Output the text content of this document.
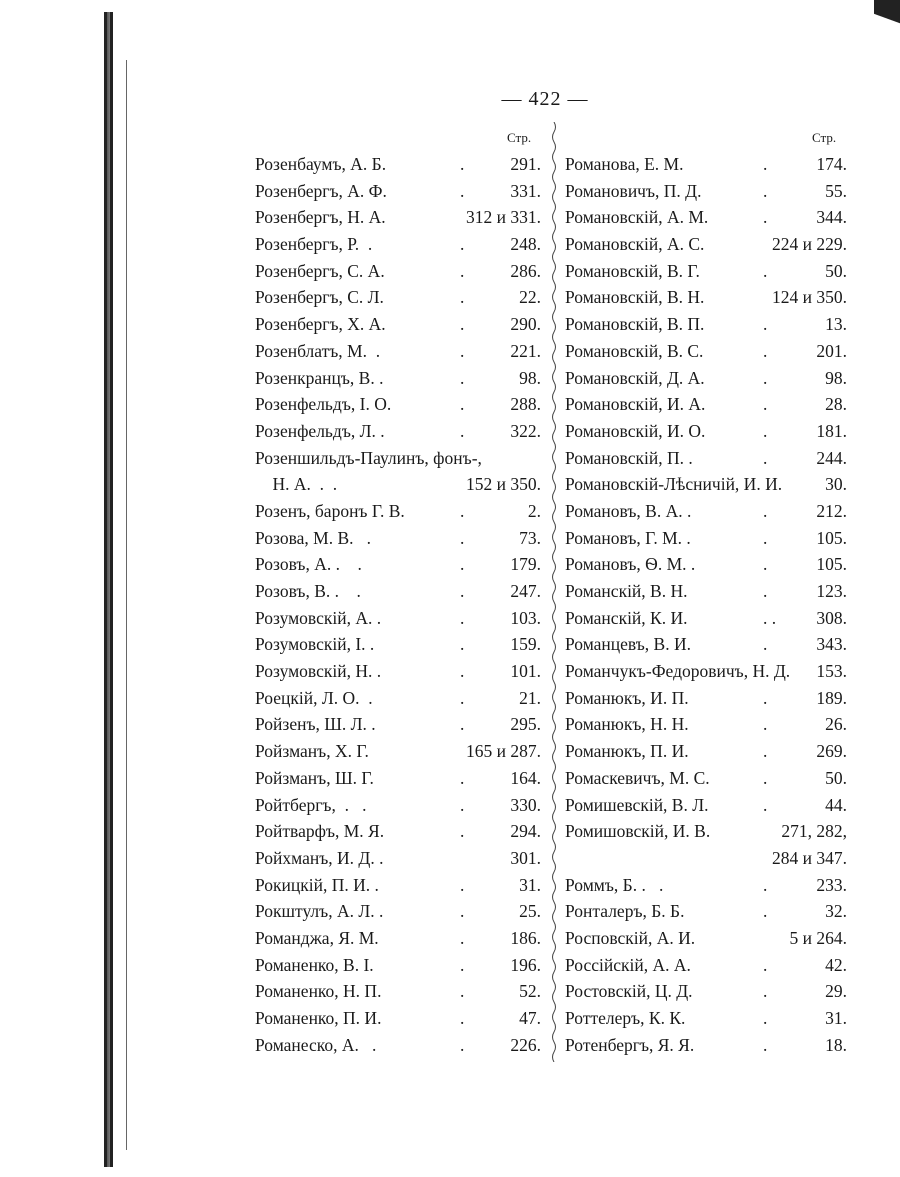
— 422 —
Стр.	Стр.
Розенбаумъ, А. Б.	.	291.
Розенбергъ, А. Ф.	.	331.
Розенбергъ, Н. А.	312 и 331.
Розенбергъ, Р.  .	.	248.
Розенбергъ, С. А.	.	286.
Розенбергъ, С. Л.	.	22.
Розенбергъ, Х. А.	.	290.
Розенблатъ, М.  .	.	221.
Розенкранцъ, В. .	.	98.
Розенфельдъ, І. О.	.	288.
Розенфельдъ, Л. .	.	322.
Розеншильдъ-Паулинъ, фонъ-,
Н. А.  .  .	152 и 350.
Розенъ, баронъ Г. В.	.	2.
Розова, М. В.   .	.	73.
Розовъ, А. .    .	.	179.
Розовъ, В. .    .	.	247.
Розумовскій, А. .	.	103.
Розумовскій, І. .	.	159.
Розумовскій, Н. .	.	101.
Роецкій, Л. О.  .	.	21.
Ройзенъ, Ш. Л. .	.	295.
Ройзманъ, Х. Г.	165 и 287.
Ройзманъ, Ш. Г.	.	164.
Ройтбергъ,  .   .	.	330.
Ройтварфъ, М. Я.	.	294.
Ройхманъ, И. Д. .	301.
Рокицкій, П. И. .	.	31.
Рокштулъ, А. Л. .	.	25.
Романджа, Я. М.	.	186.
Романенко, В. І.	.	196.
Романенко, Н. П.	.	52.
Романенко, П. И.	.	47.
Романеско, А.   .	.	226.
Романова, Е. М.	.	174.
Романовичъ, П. Д.	.	55.
Романовскій, А. М.	.	344.
Романовскій, А. С.	224 и 229.
Романовскій, В. Г.	.	50.
Романовскій, В. Н.	124 и 350.
Романовскій, В. П.	.	13.
Романовскій, В. С.	.	201.
Романовскій, Д. А.	.	98.
Романовскій, И. А.	.	28.
Романовскій, И. О.	.	181.
Романовскій, П. .	.	244.
Романовскій-Лѣсничій, И. И. 30.
Романовъ, В. А. .	.	212.
Романовъ, Г. М. .	.	105.
Романовъ, Ѳ. М. .	.	105.
Романскій, В. Н.	.	123.
Романскій, К. И.	. . 308.
Романцевъ, В. И.	.	343.
Романчукъ-Федоровичъ, Н. Д. 153.
Романюкъ, И. П.	.	189.
Романюкъ, Н. Н.	.	26.
Романюкъ, П. И.	.	269.
Ромаскевичъ, М. С.	.	50.
Ромишевскій, В. Л.	.	44.
Ромишовскій, И. В.	271, 282,
284 и 347.
Роммъ, Б. .   .	.	233.
Ронталеръ, Б. Б.	.	32.
Росповскій, А. И.	5 и 264.
Россійскій, А. А.	.	42.
Ростовскій, Ц. Д.	.	29.
Роттелеръ, К. К.	.	31.
Ротенбергъ, Я. Я.	.	18.
